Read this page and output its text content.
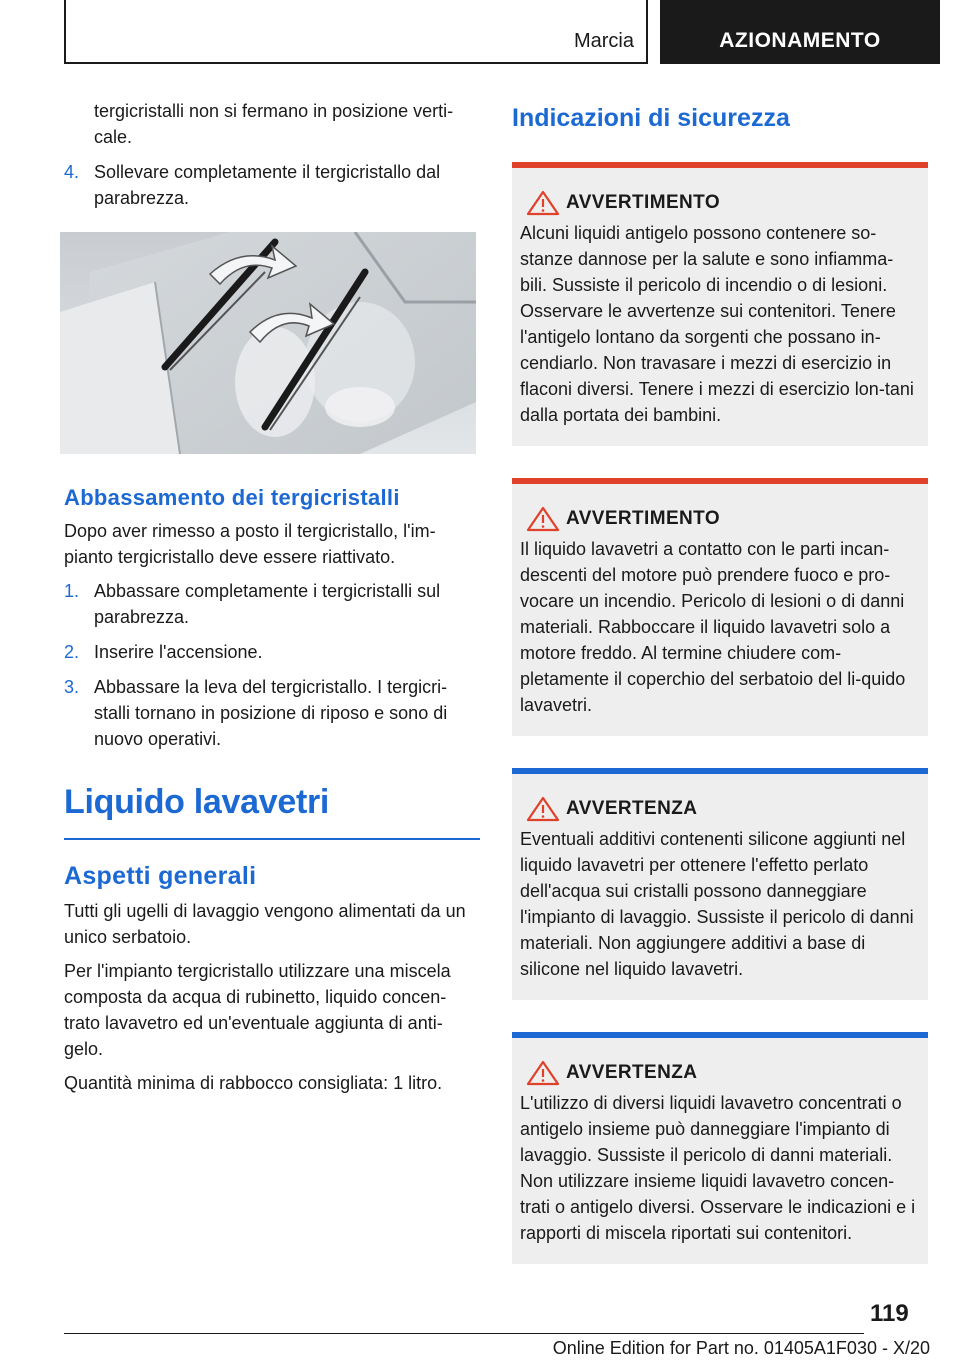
Marcia	AZIONAMENTO
tergicristalli non si fermano in posizione verti-cale.
4. Sollevare completamente il tergicristallo dal parabrezza.
Abbassamento dei tergicristalli

Dopo aver rimesso a posto il tergicristallo, l'im-pianto tergicristallo deve essere riattivato.

1. Abbassare completamente i tergicristalli sul parabrezza.
2. Inserire l'accensione.
3. Abbassare la leva del tergicristallo. I tergicri-stalli tornano in posizione di riposo e sono di nuovo operativi.
Liquido lavavetri
Aspetti generali

Tutti gli ugelli di lavaggio vengono alimentati da un unico serbatoio.

Per l'impianto tergicristallo utilizzare una miscela composta da acqua di rubinetto, liquido concen-trato lavavetro ed un'eventuale aggiunta di anti-gelo.

Quantità minima di rabbocco consigliata: 1 litro.

Indicazioni di sicurezza
AVVERTIMENTO

Alcuni liquidi antigelo possono contenere so-stanze dannose per la salute e sono infiamma-bili. Sussiste il pericolo di incendio o di lesioni. Osservare le avvertenze sui contenitori. Tenere l'antigelo lontano da sorgenti che possano in-cendiarlo. Non travasare i mezzi di esercizio in flaconi diversi. Tenere i mezzi di esercizio lon-tani dalla portata dei bambini.

AVVERTIMENTO

Il liquido lavavetri a contatto con le parti incan-descenti del motore può prendere fuoco e pro-vocare un incendio. Pericolo di lesioni o di danni materiali. Rabboccare il liquido lavavetri solo a motore freddo. Al termine chiudere com-pletamente il coperchio del serbatoio del li-quido lavavetri.

AVVERTENZA

Eventuali additivi contenenti silicone aggiunti nel liquido lavavetri per ottenere l'effetto perlato dell'acqua sui cristalli possono danneggiare l'impianto di lavaggio. Sussiste il pericolo di danni materiali. Non aggiungere additivi a base di silicone nel liquido lavavetri.

AVVERTENZA

L'utilizzo di diversi liquidi lavavetro concentrati o antigelo insieme può danneggiare l'impianto di lavaggio. Sussiste il pericolo di danni materiali. Non utilizzare insieme liquidi lavavetro concen-trati o antigelo diversi. Osservare le indicazioni e i rapporti di miscela riportati sui contenitori.

119
Online Edition for Part no. 01405A1F030 - X/20
